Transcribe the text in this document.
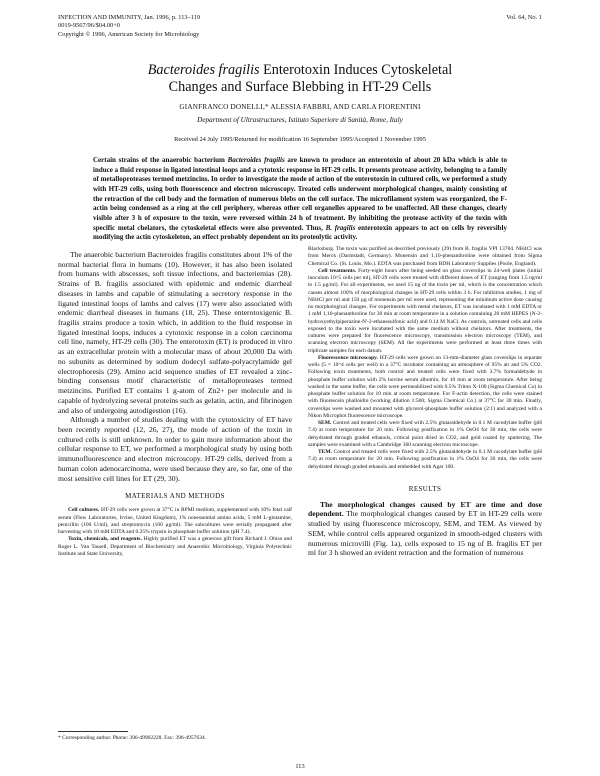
INFECTION AND IMMUNITY, Jan. 1996, p. 113–119
0019-9567/96/$04.00+0
Copyright © 1996, American Society for Microbiology
Vol. 64, No. 1
Bacteroides fragilis Enterotoxin Induces Cytoskeletal
Changes and Surface Blebbing in HT-29 Cells
GIANFRANCO DONELLI,* ALESSIA FABBRI, AND CARLA FIORENTINI
Department of Ultrastructures, Istituto Superiore di Sanità, Rome, Italy
Received 24 July 1995/Returned for modification 16 September 1995/Accepted 1 November 1995
Certain strains of the anaerobic bacterium Bacteroides fragilis are known to produce an enterotoxin of about 20 kDa which is able to induce a fluid response in ligated intestinal loops and a cytotoxic response in HT-29 cells. It presents protease activity, belonging to a family of metalloproteases termed metzincins. In order to investigate the mode of action of the enterotoxin in cultured cells, we performed a study with HT-29 cells, using both fluorescence and electron microscopy. Treated cells underwent morphological changes, mainly consisting of the retraction of the cell body and the formation of numerous blebs on the cell surface. The microfilament system was reorganized, the F-actin being condensed as a ring at the cell periphery, whereas other cell organelles appeared to be unaffected. All these changes, clearly visible after 3 h of exposure to the toxin, were reversed within 24 h of treatment. By inhibiting the protease activity of the toxin with specific metal chelators, the cytoskeletal effects were also prevented. Thus, B. fragilis enterotoxin appears to act on cells by reversibly modifying the actin cytoskeleton, an effect probably dependent on its proteolytic activity.

The anaerobic bacterium Bacteroides fragilis constitutes about 1% of the normal bacterial flora in humans (10). However, it has also been isolated from humans with abscesses, soft tissue infections, and bacteriemias (28). Strains of B. fragilis associated with epidemic and endemic diarrheal diseases in lambs and capable of stimulating a secretory response in the ligated intestinal loops of lambs and calves (17) were also associated with endemic diarrheal diseases in humans (18, 25). These enterotoxigenic B. fragilis strains produce a toxin which, in addition to the fluid response in ligated intestinal loops, induces a cytotoxic response in a colon carcinoma cell line, namely, HT-29 cells (30). The enterotoxin (ET) is produced in vitro as an extracellular protein with a molecular mass of about 20,000 Da with no subunits as determined by sodium dodecyl sulfate-polyacrylamide gel electrophoresis (29). Amino acid sequence studies of ET revealed a zinc-binding consensus motif characteristic of metalloproteases termed metzincins. Purified ET contains 1 g-atom of Zn2+ per molecule and is capable of hydrolyzing several proteins such as gelatin, actin, and fibrinogen and also of undergoing autodigestion (16).

Although a number of studies dealing with the cytotoxicity of ET have been recently reported (12, 26, 27), the mode of action of the toxin in cultured cells is still unknown. In order to gain more information about the cellular response to ET, we performed a morphological study by using both immunofluorescence and electron microscopy. HT-29 cells, derived from a human colon adenocarcinoma, were used because they are, so far, one of the most sensitive cell lines for ET (29, 30).

MATERIALS AND METHODS

Cell cultures. HT-29 cells were grown at 37°C in RPMI medium, supplemented with 10% fetal calf serum (Flow Laboratories, Irvine, United Kingdom), 1% nonessential amino acids, 5 mM L-glutamine, penicillin (100 U/ml), and streptomycin (100 μg/ml). The subcultures were serially propagated after harvesting with 10 mM EDTA and 0.25% trypsin in phosphate buffer solution (pH 7.4).

Toxin, chemicals, and reagents. Highly purified ET was a generous gift from Richard J. Obiso and Roger L. Van Tassell, Department of Biochemistry and Anaerobic Microbiology, Virginia Polytechnic Institute and State University,

Blacksburg. The toxin was purified as described previously (29) from B. fragilis VPI 13784. NH4Cl was from Merck (Darmstadt, Germany). Monensin and 1,10-phenanthroline were obtained from Sigma Chemical Co. (St. Louis, Mo.). EDTA was purchased from BDH Laboratory Supplies (Poole, England).

Cell treatments. Forty-eight hours after being seeded on glass coverslips in 24-well plates (initial inoculum 10^5 cells per ml), HT-29 cells were treated with different doses of ET (ranging from 1.5 ng/ml to 1.5 μg/ml). For all experiments, we used 15 ng of the toxin per ml, which is the concentration which causes almost 100% of morphological changes in HT-29 cells within 3 h. For inhibition studies, 1 mg of NH4Cl per ml and 150 μg of monensin per ml were used, representing the minimum active dose causing no morphological changes. For experiments with metal chelators, ET was incubated with 1 mM EDTA or 1 mM 1,10-phenanthroline for 30 min at room temperature in a solution containing 20 mM HEPES (N-2-hydroxyethylpiperazine-N'-2-ethanesulfonic acid) and 0.14 M NaCl. As controls, untreated cells and cells exposed to the toxin were incubated with the same medium without chelators. After treatments, the cultures were prepared for fluorescence microscopy, transmission electron microscopy (TEM), and scanning electron microscopy (SEM). All the experiments were performed at least three times with triplicate samples for each datum.

Fluorescence microscopy. HT-29 cells were grown on 13-mm-diameter glass coverslips in separate wells (5 × 10^4 cells per well) in a 37°C incubator containing an atmosphere of 95% air and 5% CO2. Following toxin treatments, both control and treated cells were fixed with 3.7% formaldehyde in phosphate buffer solution with 2% bovine serum albumin, for 10 min at room temperature. After being washed in the same buffer, the cells were permeabilized with 0.5% Triton X-100 (Sigma Chemical Co) in phosphate buffer solution for 10 min at room temperature. For F-actin detection, the cells were stained with fluorescein phalloidin (working dilution 1:500; Sigma Chemical Co.) at 37°C for 30 min. Finally, coverslips were washed and mounted with glycerol-phosphate buffer solution (2:1) and analyzed with a Nikon Microphot fluorescence microscope.

SEM. Control and treated cells were fixed with 2.5% glutaraldehyde in 0.1 M cacodylate buffer (pH 7.4) at room temperature for 20 min. Following postfixation in 1% OsO4 for 30 min, the cells were dehydrated through graded ethanols, critical point dried in CO2, and gold coated by sputtering. The samples were examined with a Cambridge 360 scanning electron microscope.

TEM. Control and treated cells were fixed with 2.5% glutaraldehyde in 0.1 M cacodylate buffer (pH 7.4) at room temperature for 20 min. Following postfixation in 1% OsO4 for 30 min, the cells were dehydrated through graded ethanols and embedded with Agar 100.

RESULTS

The morphological changes caused by ET are time and dose dependent. The morphological changes caused by ET in HT-29 cells were studied by using fluorescence microscopy, SEM, and TEM. As viewed by SEM, while control cells appeared organized in smooth-edged clusters with numerous microvilli (Fig. 1a), cells exposed to 15 ng of B. fragilis ET per ml for 3 h showed an evident retraction and the formation of numerous

* Corresponding author. Phone: 396-49902228. Fax: 396-4957634.
113
